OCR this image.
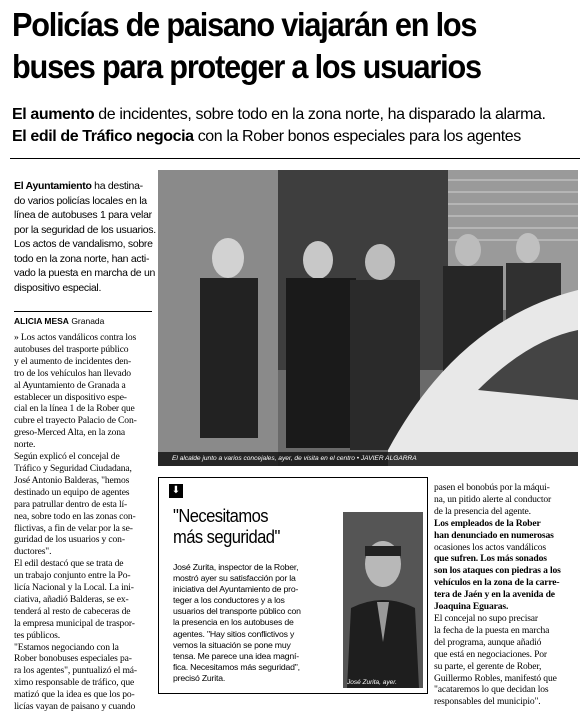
Policías de paisano viajarán en los
buses para proteger a los usuarios
El aumento de incidentes, sobre todo en la zona norte, ha disparado la alarma.
El edil de Tráfico negocia con la Rober bonos especiales para los agentes

El Ayuntamiento ha destina-

do varios policías locales en la

línea de autobuses 1 para velar

por la seguridad de los usuarios.

Los actos de vandalismo, sobre

todo en la zona norte, han acti-

vado la puesta en marcha de un

dispositivo especial.

ALICIA MESA Granada
» Los actos vandálicos contra los
autobuses del trasporte público
y el aumento de incidentes den-
tro de los vehículos han llevado
al Ayuntamiento de Granada a
establecer un dispositivo espe-
cial en la línea 1 de la Rober que
cubre el trayecto Palacio de Con-
greso-Merced Alta, en la zona
norte.
Según explicó el concejal de
Tráfico y Seguridad Ciudadana,
José Antonio Balderas, "hemos
destinado un equipo de agentes
para patrullar dentro de esta lí-
nea, sobre todo en las zonas con-
flictivas, a fin de velar por la se-
guridad de los usuarios y con-
ductores".
El edil destacó que se trata de
un trabajo conjunto entre la Po-
licía Nacional y la Local. La ini-
ciativa, añadió Balderas, se ex-
tenderá al resto de cabeceras de
la empresa municipal de traspor-
tes públicos.
"Estamos negociando con la
Rober bonobuses especiales pa-
ra los agentes", puntualizó el má-
ximo responsable de tráfico, que
matizó que la idea es que los po-
licías vayan de paisano y cuando
El alcalde junto a varios concejales, ayer, de visita en el centro • JAVIER ALGARRA
⬇
"Necesitamos
más seguridad"
José Zurita, inspector de la Rober,
mostró ayer su satisfacción por la
iniciativa del Ayuntamiento de pro-
teger a los conductores y a los
usuarios del transporte público con
la presencia en los autobuses de
agentes. "Hay sitios conflictivos y
vemos la situación se pone muy
tensa. Me parece una idea magní-
fica. Necesitamos más seguridad",
precisó Zurita.	José Zurita, ayer.
pasen el bonobús por la máqui-
na, un pitido alerte al conductor
de la presencia del agente.
Los empleados de la Rober
han denunciado en numerosas
ocasiones los actos vandálicos
que sufren. Los más sonados
son los ataques con piedras a los
vehículos en la zona de la carre-
tera de Jaén y en la avenida de
Joaquina Eguaras.
El concejal no supo precisar
la fecha de la puesta en marcha
del programa, aunque añadió
que está en negociaciones. Por
su parte, el gerente de Rober,
Guillermo Robles, manifestó que
"acataremos lo que decidan los
responsables del municipio".
